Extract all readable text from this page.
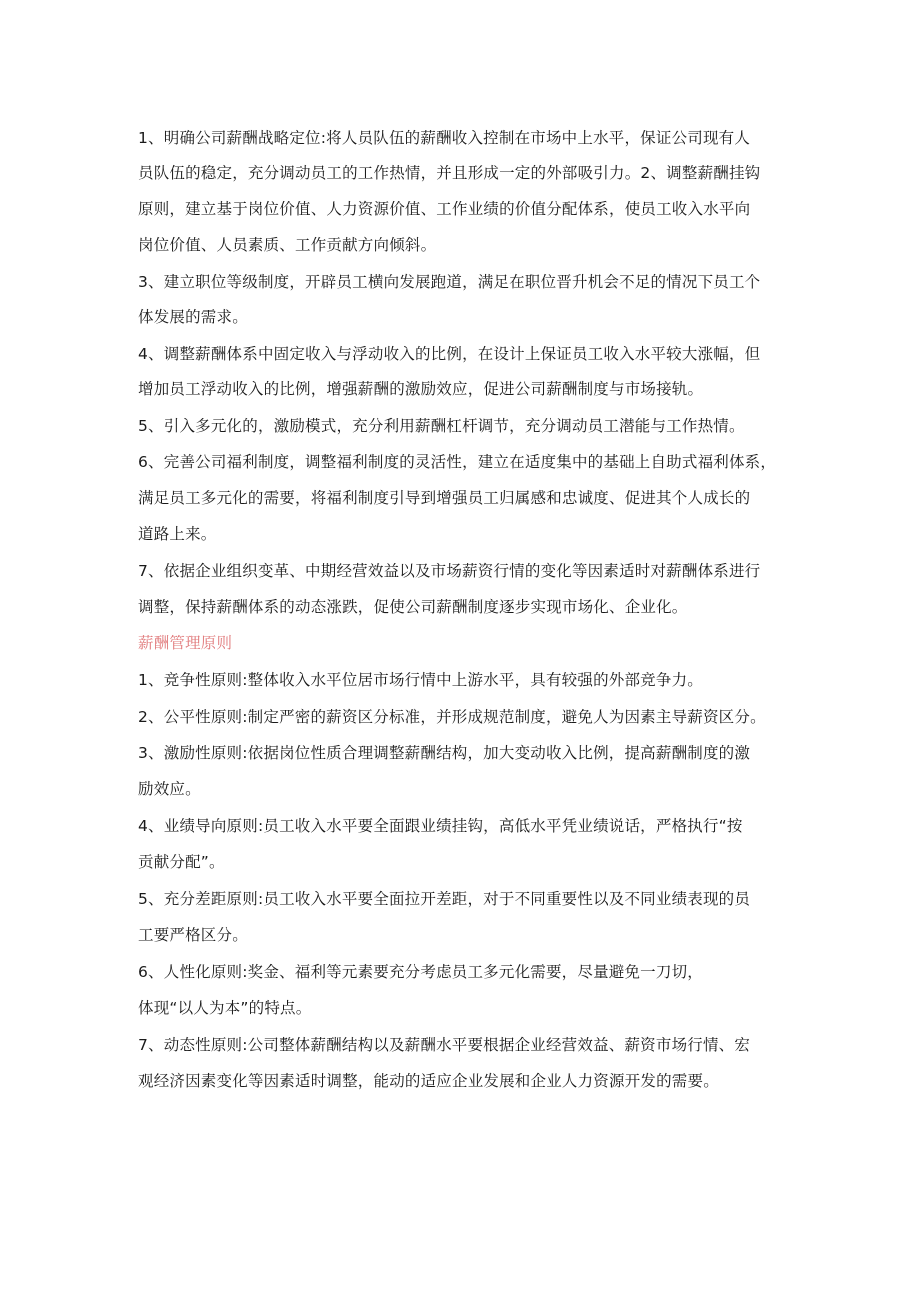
1、明确公司薪酬战略定位:将人员队伍的薪酬收入控制在市场中上水平，保证公司现有人
员队伍的稳定，充分调动员工的工作热情，并且形成一定的外部吸引力。2、调整薪酬挂钩
原则，建立基于岗位价值、人力资源价值、工作业绩的价值分配体系，使员工收入水平向
岗位价值、人员素质、工作贡献方向倾斜。
3、建立职位等级制度，开辟员工横向发展跑道，满足在职位晋升机会不足的情况下员工个
体发展的需求。
4、调整薪酬体系中固定收入与浮动收入的比例，在设计上保证员工收入水平较大涨幅，但
增加员工浮动收入的比例，增强薪酬的激励效应，促进公司薪酬制度与市场接轨。
5、引入多元化的，激励模式，充分利用薪酬杠杆调节，充分调动员工潜能与工作热情。
6、完善公司福利制度，调整福利制度的灵活性，建立在适度集中的基础上自助式福利体系，
满足员工多元化的需要，将福利制度引导到增强员工归属感和忠诚度、促进其个人成长的
道路上来。
7、依据企业组织变革、中期经营效益以及市场薪资行情的变化等因素适时对薪酬体系进行
调整，保持薪酬体系的动态涨跌，促使公司薪酬制度逐步实现市场化、企业化。
薪酬管理原则
1、竞争性原则:整体收入水平位居市场行情中上游水平，具有较强的外部竞争力。
2、公平性原则:制定严密的薪资区分标准，并形成规范制度，避免人为因素主导薪资区分。
3、激励性原则:依据岗位性质合理调整薪酬结构，加大变动收入比例，提高薪酬制度的激
励效应。
4、业绩导向原则:员工收入水平要全面跟业绩挂钩，高低水平凭业绩说话，严格执行“按
贡献分配”。
5、充分差距原则:员工收入水平要全面拉开差距，对于不同重要性以及不同业绩表现的员
工要严格区分。
6、人性化原则:奖金、福利等元素要充分考虑员工多元化需要，尽量避免一刀切，
体现“以人为本”的特点。
7、动态性原则:公司整体薪酬结构以及薪酬水平要根据企业经营效益、薪资市场行情、宏
观经济因素变化等因素适时调整，能动的适应企业发展和企业人力资源开发的需要。
